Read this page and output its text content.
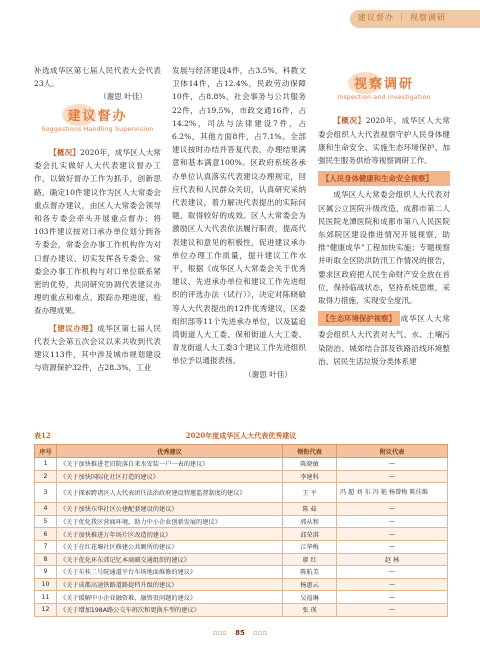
建议督办 ｜ 视察调研

补选成华区第七届人民代表大会代表23人。

（谢思 叶佳）

建议督办
Suggestions Handling Supervision

【概况】2020年，成华区人大常委会扎实做好人大代表建议督办工作，以做好督办工作为抓手，创新思路，确定10件建议作为区人大常委会重点督办建议，由区人大常委会领导和各专委会牵头开展重点督办；将103件建议按对口承办单位划分到各专委会，常委会办事工作机构作为对口督办建议、切实发挥各专委会、常委会办事工作机构与对口单位联系紧密的优势，共同研究协调代表建议办理的重点和难点，跟踪办理进度，检查办理成果。

【建议办理】成华区第七届人民代表大会第五次会议以来共收到代表建议113件，其中涉及城市规划建设与资源保护32件，占28.3%，工业

发展与经济建设4件，占3.5%，科教文卫体14件，占12.4%，民政劳动保障10件，占8.8%，社会事务与公共服务22件，占19.5%，市政交通16件，占14.2%，司法与法律建设7件，占6.2%，其他方面8件，占7.1%。全部建议按时办结并答复代表，办理结果满意和基本满意100%。区政府系统各承办单位认真落实代表建议办理规定，回应代表和人民群众关切，认真研究采纳代表建议，着力解决代表提出的实际问题，取得较好的成效。区人大常委会为激励区人大代表依法履行职责，提高代表建议和意见的积极性，促进建议承办单位办理工作质量，提升建议工作水平，根据《成华区人大常委会关于优秀建议、先进承办单位和建议工作先进组织的评选办法（试行）》，决定对陈晓敏等人大代表提出的12件优秀建议，区委组织部等11个先进承办单位，以及猛追湾街道人大工委、保和街道人大工委、青龙街道人大工委3个建议工作先进组织单位予以通报表扬。

（谢思 叶佳）

视察调研
Inspection and Investigation

【概况】2020年，成华区人大常委会组织人大代表视察守护人民身体健康和生命安全、实施生态环境保护、加强民生服务供给等视察调研工作。

【人民身体健康和生命安全视察】

成华区人大常委会组织人大代表对区属公立医院升级改造、成都市第二人民医院龙潭医院和成都市第八人民医院东郊院区建设推进情况开展视察，助推“健康成华”工程加快实施；专题视察并听取全区防洪防汛工作情况的报告，要求区政府把人民生命财产安全放在首位，保持临战状态，坚持系统思维，采取得力措施，实现安全度汛。

【生态环境保护视察】 成华区人大常委会组织人大代表对大气、水、土壤污染防治、城郊结合部及铁路沿线环境整治、居民生活垃圾分类体系建
表12	2020年度成华区人大代表优秀建议
序号	优秀建议	领衔代表	附议代表
1	《关于加快推进老旧院落自来水安装一户一表的建议》	陈晓敏	—
2	《关于加快国际化社区打造的建议》	李建科	—
3	《关于探索跨诸区人大代表团任法治政府建设特邀监督制度的建议》	王 平	冯 超 刘 东 冯 艳 杨曾梅 陈佳维
4	《关于加快东华社区公建配套建设的建议》	陈 茹	—
5	《关于优化我区营商环境，助力中小企业创新发展的建议》	郭从和	—
6	《关于加快推进万年场片区改造的建议》	邱荣淇	—
7	《关于在红花堰社区修建公共厕所的建议》	江华梅	—
8	《关于优化环东郊记忆本商圈交通组织的建议》	廖 红	赵 林
9	《关于东桂二号院通道平台车场地面维修的建议》	陈航美	—
10	《关于成都高速铁路道路提档升级的建议》	杨惠云	—
11	《关于缓解中小企业融资难、融资贵问题的建议》	吴福琳	—
12	《关于增加198A路公交车班次和更换车型的建议》	张 瑛	—
▫▫▫ 85 ▫▫▫
